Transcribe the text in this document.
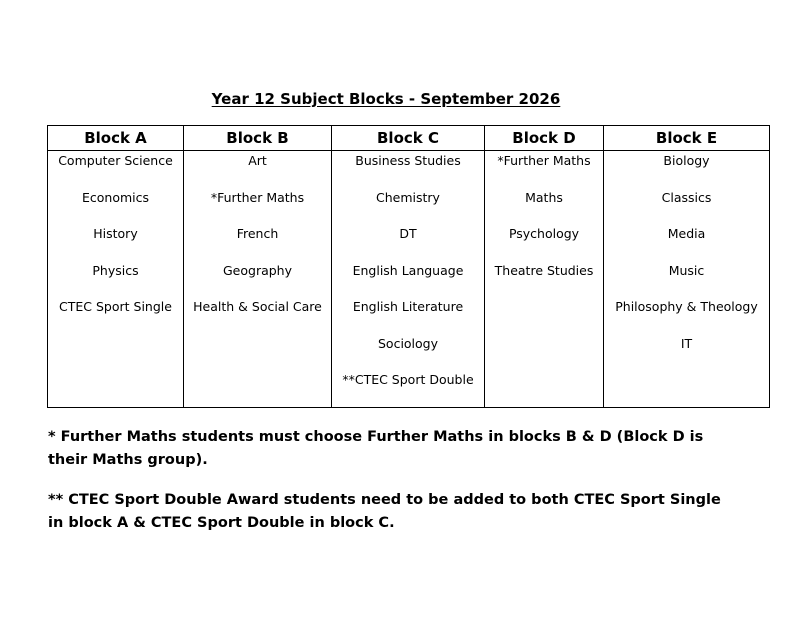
Year 12 Subject Blocks - September 2026
Block A	Block B	Block C	Block D	Block E
Computer Science	Art	Business Studies	*Further Maths	Biology
Economics	*Further Maths	Chemistry	Maths	Classics
History	French	DT	Psychology	Media
Physics	Geography	English Language	Theatre Studies	Music
CTEC Sport Single	Health & Social Care	English Literature		Philosophy & Theology
		Sociology		IT
		**CTEC Sport Double		
* Further Maths students must choose Further Maths in blocks B & D (Block D is their Maths group).
** CTEC Sport Double Award students need to be added to both CTEC Sport Single in block A & CTEC Sport Double in block C.
